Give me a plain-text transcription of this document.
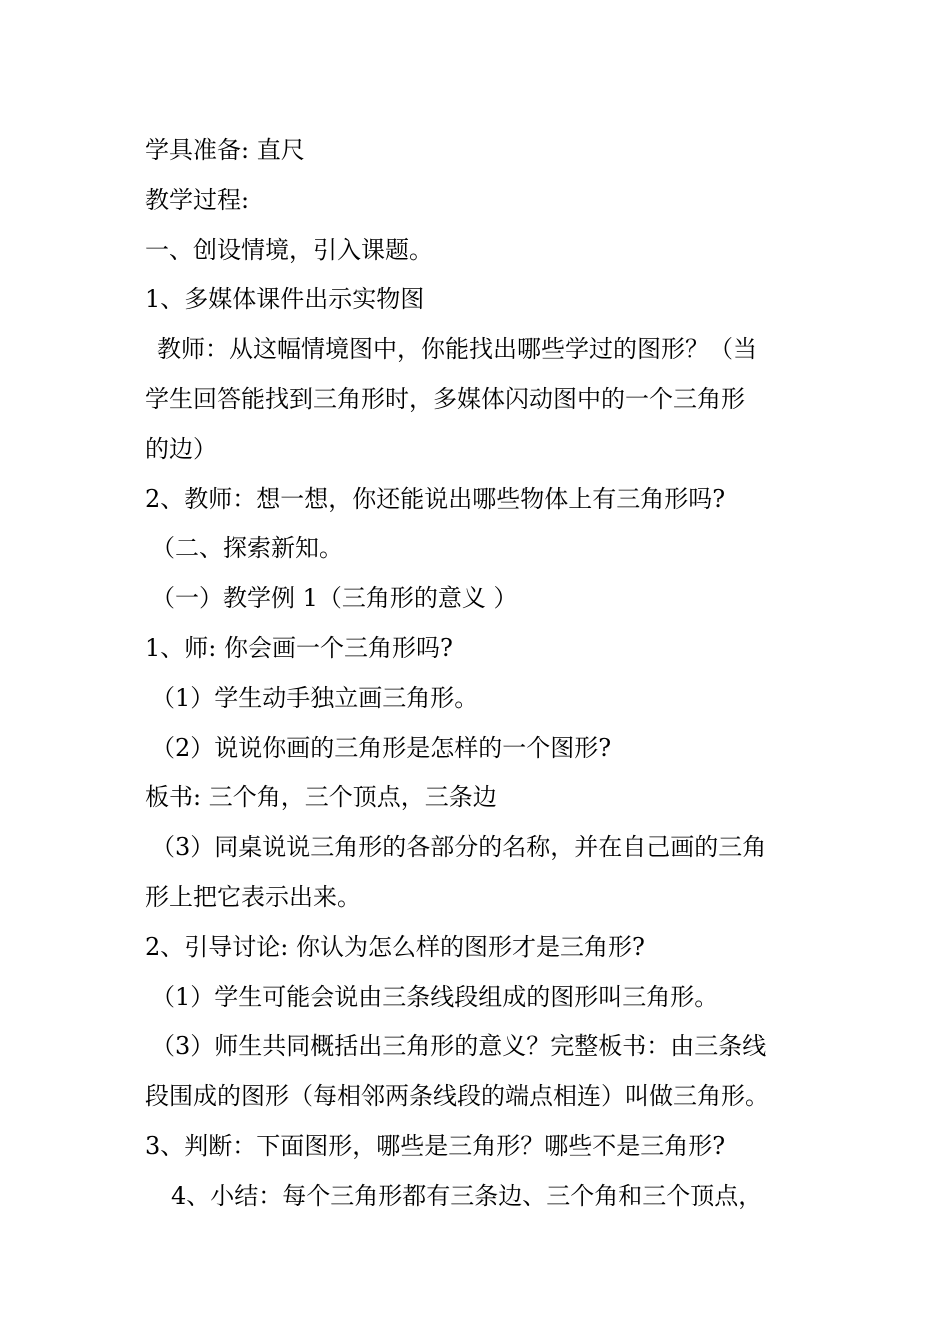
学具准备: 直尺
教学过程:
一、创设情境，引入课题。
1、多媒体课件出示实物图
教师：从这幅情境图中，你能找出哪些学过的图形？（当
学生回答能找到三角形时，多媒体闪动图中的一个三角形
的边）
2、教师：想一想，你还能说出哪些物体上有三角形吗?
（二、探索新知。
（一）教学例 1（三角形的意义 ）
1、师: 你会画一个三角形吗?
（1）学生动手独立画三角形。
（2）说说你画的三角形是怎样的一个图形?
板书: 三个角，三个顶点，三条边
（3）同桌说说三角形的各部分的名称，并在自己画的三角
形上把它表示出来。
2、引导讨论: 你认为怎么样的图形才是三角形?
（1）学生可能会说由三条线段组成的图形叫三角形。
（3）师生共同概括出三角形的意义？完整板书：由三条线
段围成的图形（每相邻两条线段的端点相连）叫做三角形。
3、判断：下面图形，哪些是三角形？哪些不是三角形?
4、小结：每个三角形都有三条边、三个角和三个顶点，
